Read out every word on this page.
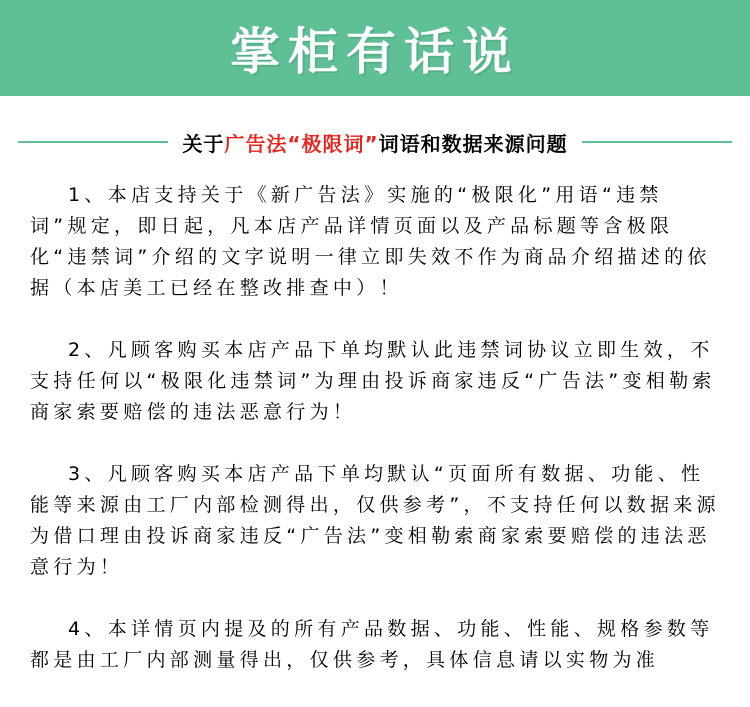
掌柜有话说
关于广告法“极限词”词语和数据来源问题

1、本店支持关于《新广告法》实施的“极限化”用语“违禁词”规定，即日起，凡本店产品详情页面以及产品标题等含极限化“违禁词”介绍的文字说明一律立即失效不作为商品介绍描述的依据（本店美工已经在整改排查中）！

2、凡顾客购买本店产品下单均默认此违禁词协议立即生效，不支持任何以“极限化违禁词”为理由投诉商家违反“广告法”变相勒索商家索要赔偿的违法恶意行为！

3、凡顾客购买本店产品下单均默认“页面所有数据、功能、性能等来源由工厂内部检测得出，仅供参考”，不支持任何以数据来源为借口理由投诉商家违反“广告法”变相勒索商家索要赔偿的违法恶意行为！

4、本详情页内提及的所有产品数据、功能、性能、规格参数等都是由工厂内部测量得出，仅供参考，具体信息请以实物为准
